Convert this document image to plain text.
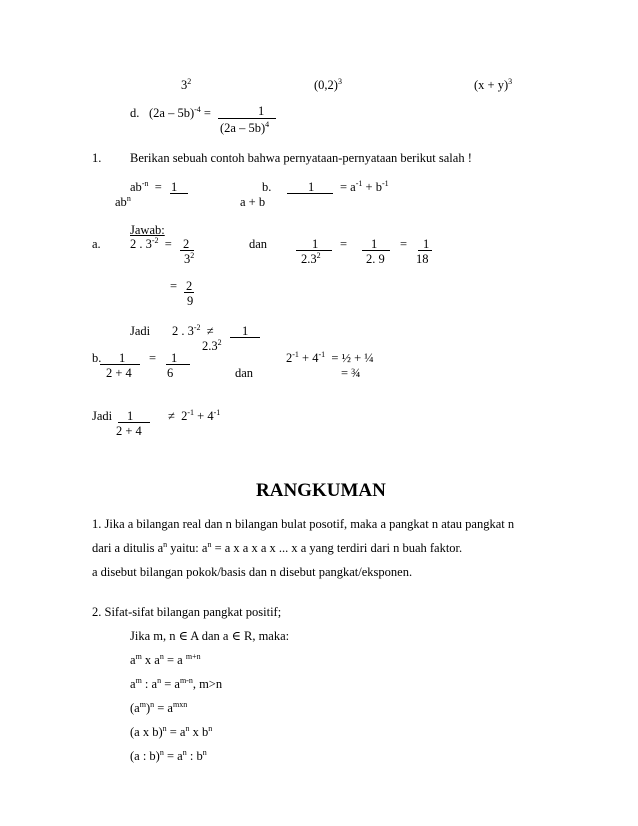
$3^2$	$(0,2)^3$	$(x + y)^3$
d. (2a – 5b)$^{-4}$ =	1
(2a – 5b)$^4$
1. Berikan sebuah contoh bahwa pernyataan-pernyataan berikut salah !
$ab^{-n} = 1$
$ab^n$
b.	1
a + b
= $a^{-1} + b^{-1}$
Jawab:
a. 2 . $3^{-2} = 2$
$3^2$
dan	1
$2.3^2$
= 1
2. 9
= 1
18
= 2
9
Jadi 2 . $3^{-2} \ne 1$
$2.3^2$
b. 1
2 + 4
= 1
6	dan
$2^{-1} + 4^{-1}$ = ½ + ¼
= ¾
Jadi 1
2 + 4
≠ $2^{-1} + 4^{-1}$
RANGKUMAN
1. Jika a bilangan real dan n bilangan bulat posotif, maka a pangkat n atau pangkat n
dari a ditulis $a^n$ yaitu: $a^n = a$ x a x a x ... x a yang terdiri dari n buah faktor.
a disebut bilangan pokok/basis dan n disebut pangkat/eksponen.
2. Sifat-sifat bilangan pangkat positif;
Jika m, n ∈ A dan a ∈ R, maka:
$a^m$ x $a^n = a$ $^{m+n}$
$a^m$ : $a^n = a^{m-n}$, m>n
$(a^m)^n = a^{mxn}$
(a x $b)^n = a^n$ x $b^n$
(a : $b)^n = a^n$ : $b^n$
